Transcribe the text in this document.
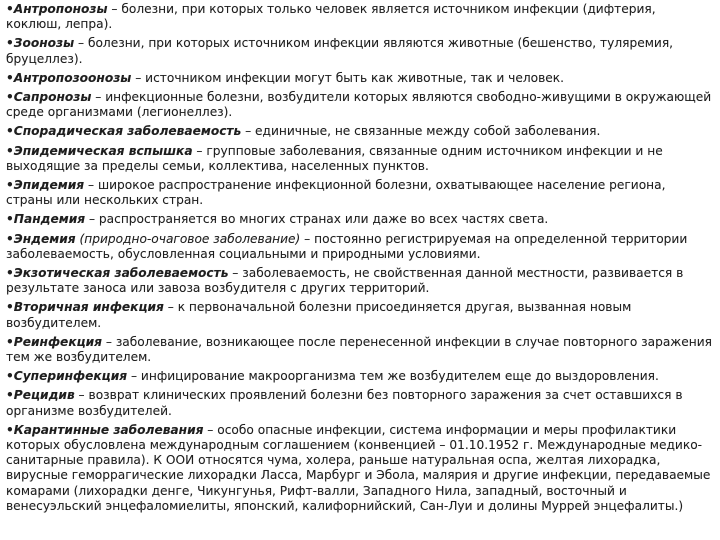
•Антропонозы – болезни, при которых только человек является источником инфекции (дифтерия, коклюш, лепра).

•Зоонозы – болезни, при которых источником инфекции являются животные (бешенство, туляремия, бруцеллез).

•Антропозоонозы – источником инфекции могут быть как животные, так и человек.

•Сапронозы – инфекционные болезни, возбудители которых являются свободно-живущими в окружающей среде организмами (легионеллез).

•Спорадическая заболеваемость – единичные, не связанные между собой заболевания.

•Эпидемическая вспышка – групповые заболевания, связанные одним источником инфекции и не выходящие за пределы семьи, коллектива, населенных пунктов.

•Эпидемия – широкое распространение инфекционной болезни, охватывающее население региона, страны или нескольких стран.

•Пандемия – распространяется во многих странах или даже во всех частях света.

•Эндемия (природно-очаговое заболевание) – постоянно регистрируемая на определенной территории заболеваемость, обусловленная социальными и природными условиями.

•Экзотическая заболеваемость – заболеваемость, не свойственная данной местности, развивается в результате заноса или завоза возбудителя с других территорий.

•Вторичная инфекция – к первоначальной болезни присоединяется другая, вызванная новым возбудителем.

•Реинфекция – заболевание, возникающее после перенесенной инфекции в случае повторного заражения тем же возбудителем.

•Суперинфекция – инфицирование макроорганизма тем же возбудителем еще до выздоровления.

•Рецидив – возврат клинических проявлений болезни без повторного заражения за счет оставшихся в организме возбудителей.

•Карантинные заболевания – особо опасные инфекции, система информации и меры профилактики которых обусловлена международным соглашением (конвенцией – 01.10.1952 г. Международные медико-санитарные правила). К ООИ относятся чума, холера, раньше натуральная оспа, желтая лихорадка, вирусные геморрагические лихорадки Ласса, Марбург и Эбола, малярия и другие инфекции, передаваемые комарами (лихорадки денге, Чикунгунья, Рифт-валли, Западного Нила, западный, восточный и венесуэльский энцефаломиелиты, японский, калифорнийский, Сан-Луи и долины Муррей энцефалиты.)
